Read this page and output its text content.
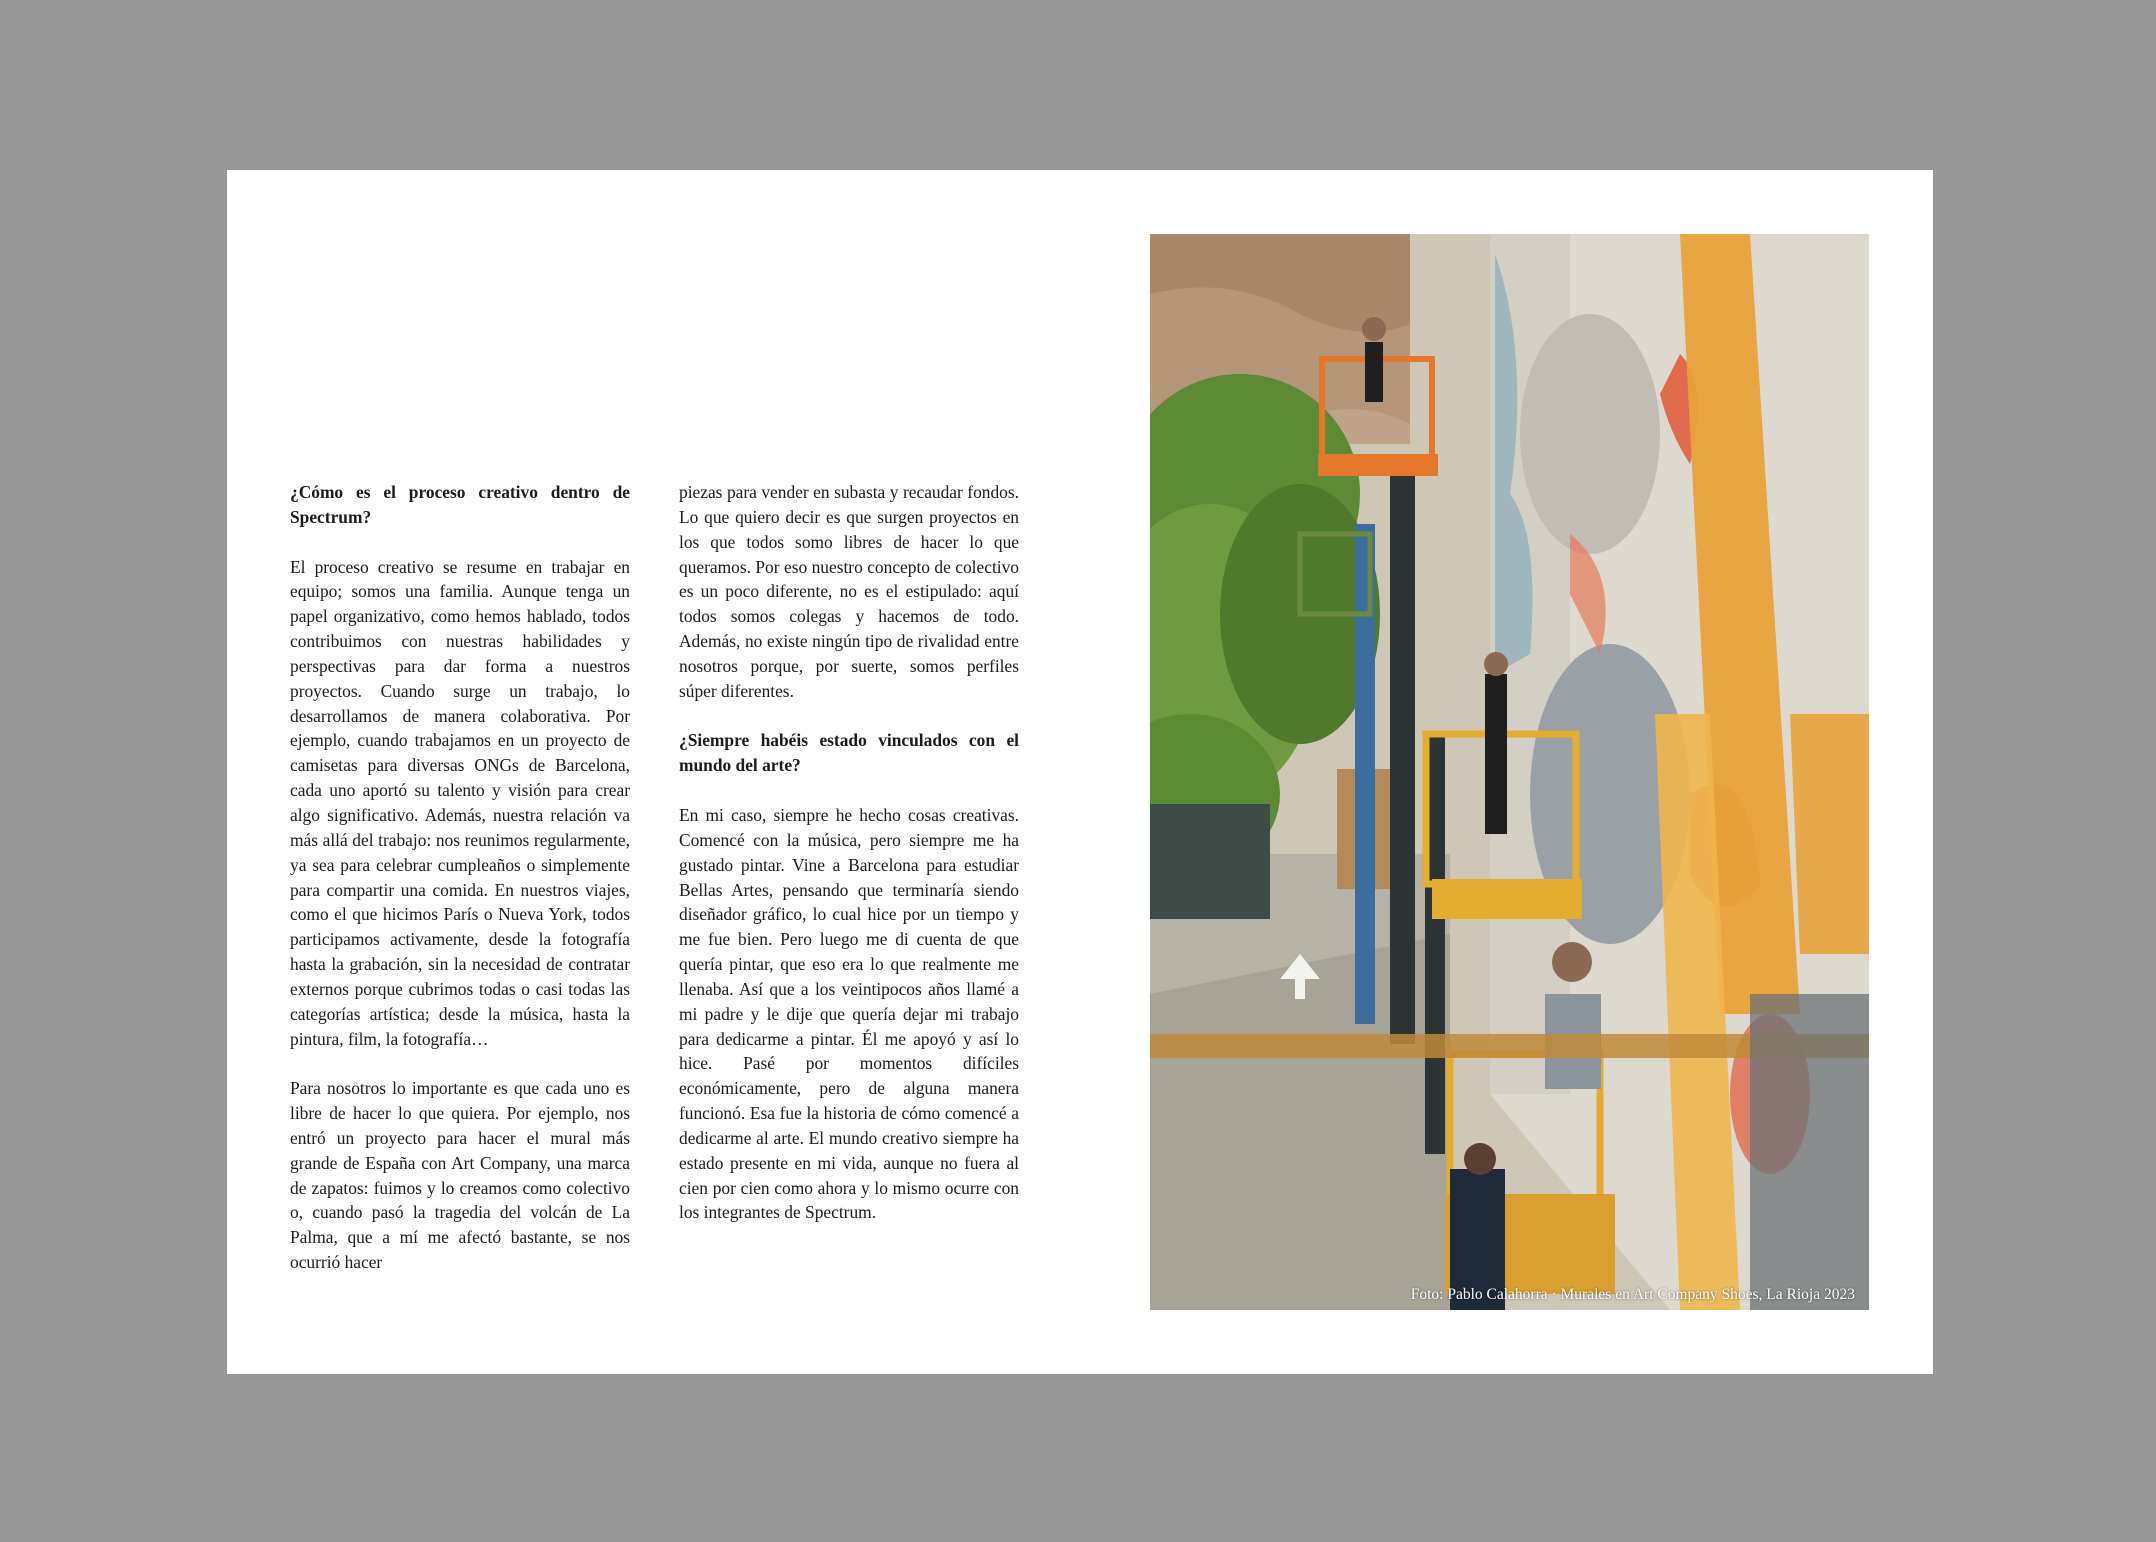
¿Cómo es el proceso creativo dentro de Spectrum?

El proceso creativo se resume en trabajar en equipo; somos una familia. Aunque tenga un papel organizativo, como hemos hablado, todos contribuimos con nuestras habilidades y perspectivas para dar forma a nuestros proyectos. Cuando surge un trabajo, lo desarrollamos de manera colaborativa. Por ejemplo, cuando trabajamos en un proyecto de camisetas para diversas ONGs de Barcelona, cada uno aportó su talento y visión para crear algo significativo. Además, nuestra relación va más allá del trabajo: nos reunimos regularmente, ya sea para celebrar cumpleaños o simplemente para compartir una comida. En nuestros viajes, como el que hicimos París o Nueva York, todos participamos activamente, desde la fotografía hasta la grabación, sin la necesidad de contratar externos porque cubrimos todas o casi todas las categorías artística; desde la música, hasta la pintura, film, la fotografía…

Para nosotros lo importante es que cada uno es libre de hacer lo que quiera. Por ejemplo, nos entró un proyecto para hacer el mural más grande de España con Art Company, una marca de zapatos: fuimos y lo creamos como colectivo o, cuando pasó la tragedia del volcán de La Palma, que a mí me afectó bastante, se nos ocurrió hacer

piezas para vender en subasta y recaudar fondos. Lo que quiero decir es que surgen proyectos en los que todos somo libres de hacer lo que queramos. Por eso nuestro concepto de colectivo es un poco diferente, no es el estipulado: aquí todos somos colegas y hacemos de todo. Además, no existe ningún tipo de rivalidad entre nosotros porque, por suerte, somos perfiles súper diferentes.

¿Siempre habéis estado vinculados con el mundo del arte?

En mi caso, siempre he hecho cosas creativas. Comencé con la música, pero siempre me ha gustado pintar. Vine a Barcelona para estudiar Bellas Artes, pensando que terminaría siendo diseñador gráfico, lo cual hice por un tiempo y me fue bien. Pero luego me di cuenta de que quería pintar, que eso era lo que realmente me llenaba. Así que a los veintipocos años llamé a mi padre y le dije que quería dejar mi trabajo para dedicarme a pintar. Él me apoyó y así lo hice. Pasé por momentos difíciles económicamente, pero de alguna manera funcionó. Esa fue la historia de cómo comencé a dedicarme al arte. El mundo creativo siempre ha estado presente en mi vida, aunque no fuera al cien por cien como ahora y lo mismo ocurre con los integrantes de Spectrum.

Foto: Pablo Calahorra · Murales en Art Company Shoes, La Rioja 2023
